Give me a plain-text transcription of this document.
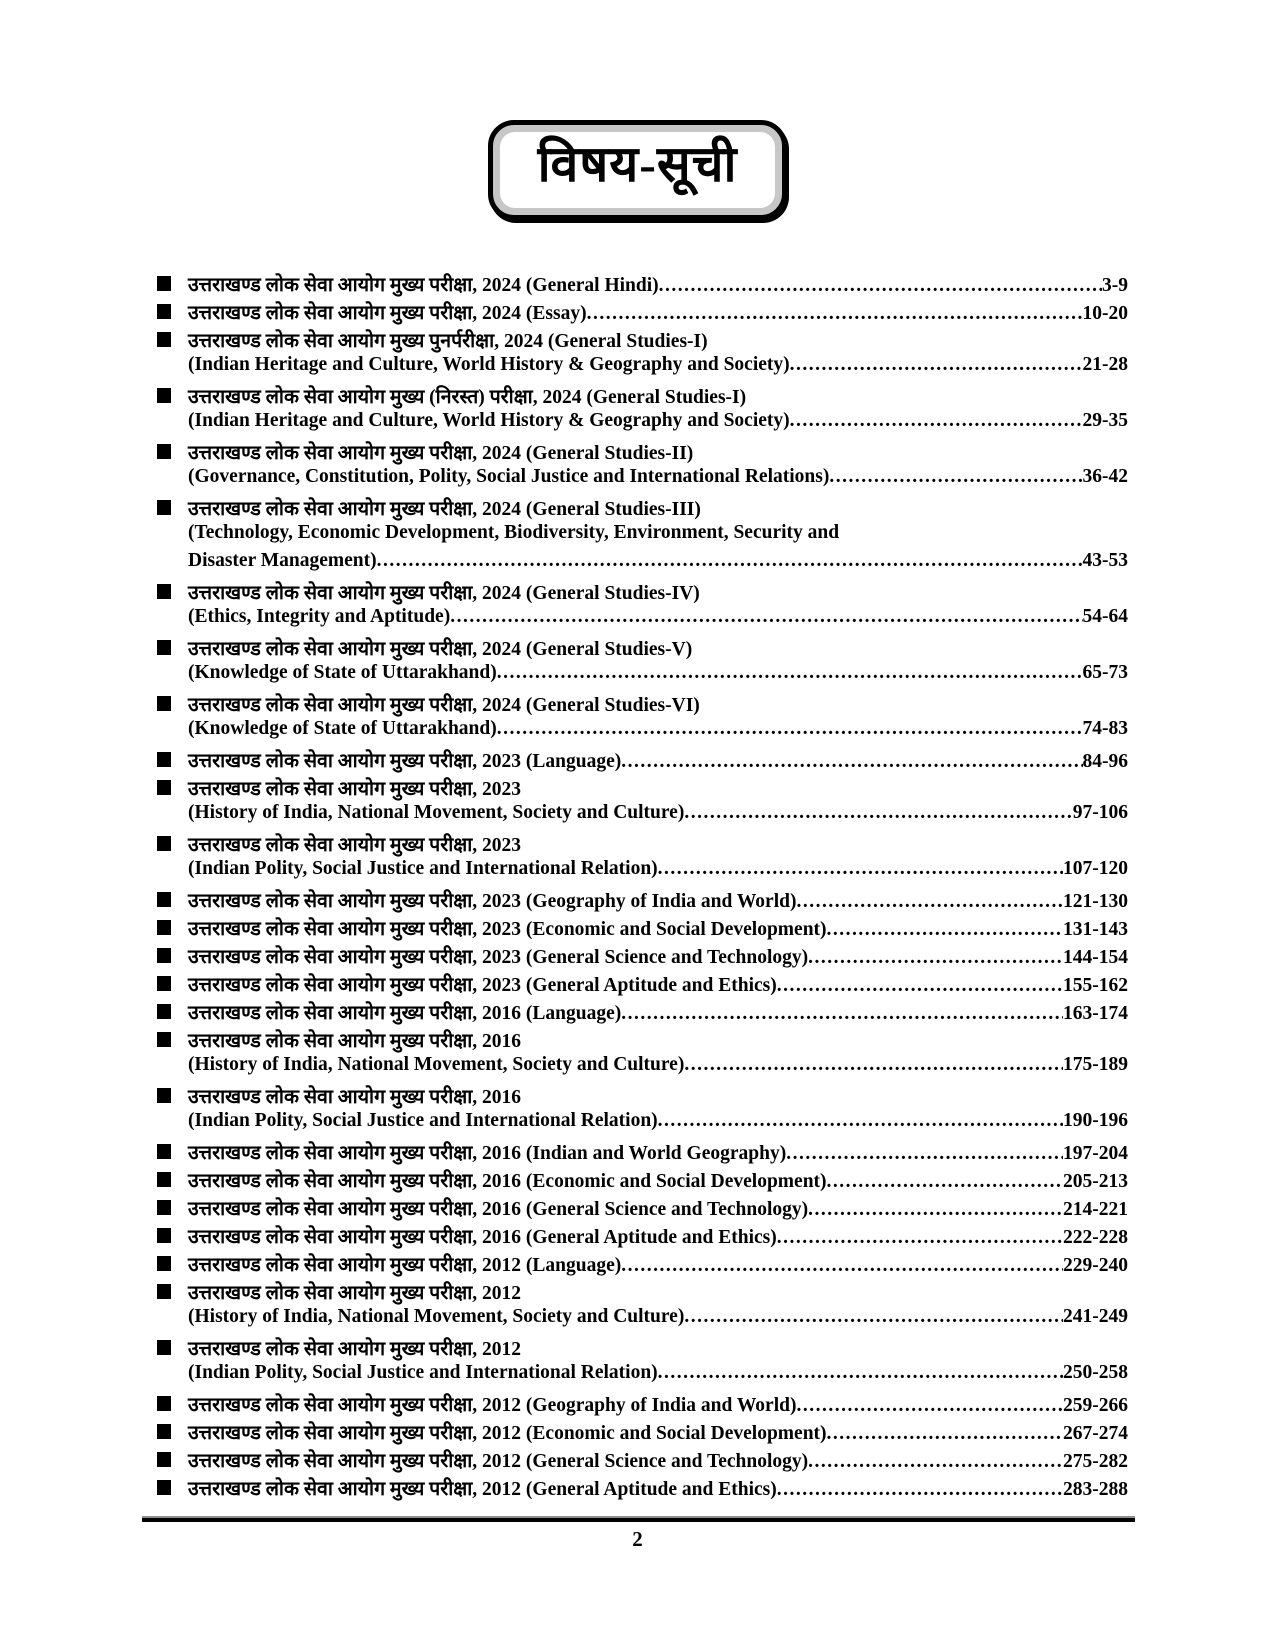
विषय-सूची
उत्तराखण्ड लोक सेवा आयोग मुख्य परीक्षा, 2024 (General Hindi) .....	3-9
उत्तराखण्ड लोक सेवा आयोग मुख्य परीक्षा, 2024 (Essay) .....	10-20
उत्तराखण्ड लोक सेवा आयोग मुख्य पुनर्परीक्षा, 2024 (General Studies-I)
(Indian Heritage and Culture, World History & Geography and Society) .....	21-28
उत्तराखण्ड लोक सेवा आयोग मुख्य (निरस्त) परीक्षा, 2024 (General Studies-I)
(Indian Heritage and Culture, World History & Geography and Society) .....	29-35
उत्तराखण्ड लोक सेवा आयोग मुख्य परीक्षा, 2024 (General Studies-II)
(Governance, Constitution, Polity, Social Justice and International Relations) .....	36-42
उत्तराखण्ड लोक सेवा आयोग मुख्य परीक्षा, 2024 (General Studies-III)
(Technology, Economic Development, Biodiversity, Environment, Security and
Disaster Management) .....	43-53
उत्तराखण्ड लोक सेवा आयोग मुख्य परीक्षा, 2024 (General Studies-IV)
(Ethics, Integrity and Aptitude) .....	54-64
उत्तराखण्ड लोक सेवा आयोग मुख्य परीक्षा, 2024 (General Studies-V)
(Knowledge of State of Uttarakhand) .....	65-73
उत्तराखण्ड लोक सेवा आयोग मुख्य परीक्षा, 2024 (General Studies-VI)
(Knowledge of State of Uttarakhand) .....	74-83
उत्तराखण्ड लोक सेवा आयोग मुख्य परीक्षा, 2023 (Language) .....	84-96
उत्तराखण्ड लोक सेवा आयोग मुख्य परीक्षा, 2023
(History of India, National Movement, Society and Culture) .....	97-106
उत्तराखण्ड लोक सेवा आयोग मुख्य परीक्षा, 2023
(Indian Polity, Social Justice and International Relation) .....	107-120
उत्तराखण्ड लोक सेवा आयोग मुख्य परीक्षा, 2023 (Geography of India and World) .....	121-130
उत्तराखण्ड लोक सेवा आयोग मुख्य परीक्षा, 2023 (Economic and Social Development) .....	131-143
उत्तराखण्ड लोक सेवा आयोग मुख्य परीक्षा, 2023 (General Science and Technology) .....	144-154
उत्तराखण्ड लोक सेवा आयोग मुख्य परीक्षा, 2023 (General Aptitude and Ethics) .....	155-162
उत्तराखण्ड लोक सेवा आयोग मुख्य परीक्षा, 2016 (Language) .....	163-174
उत्तराखण्ड लोक सेवा आयोग मुख्य परीक्षा, 2016
(History of India, National Movement, Society and Culture) .....	175-189
उत्तराखण्ड लोक सेवा आयोग मुख्य परीक्षा, 2016
(Indian Polity, Social Justice and International Relation) .....	190-196
उत्तराखण्ड लोक सेवा आयोग मुख्य परीक्षा, 2016 (Indian and World Geography) .....	197-204
उत्तराखण्ड लोक सेवा आयोग मुख्य परीक्षा, 2016 (Economic and Social Development) .....	205-213
उत्तराखण्ड लोक सेवा आयोग मुख्य परीक्षा, 2016 (General Science and Technology) .....	214-221
उत्तराखण्ड लोक सेवा आयोग मुख्य परीक्षा, 2016 (General Aptitude and Ethics) .....	222-228
उत्तराखण्ड लोक सेवा आयोग मुख्य परीक्षा, 2012 (Language) .....	229-240
उत्तराखण्ड लोक सेवा आयोग मुख्य परीक्षा, 2012
(History of India, National Movement, Society and Culture) .....	241-249
उत्तराखण्ड लोक सेवा आयोग मुख्य परीक्षा, 2012
(Indian Polity, Social Justice and International Relation) .....	250-258
उत्तराखण्ड लोक सेवा आयोग मुख्य परीक्षा, 2012 (Geography of India and World) .....	259-266
उत्तराखण्ड लोक सेवा आयोग मुख्य परीक्षा, 2012 (Economic and Social Development) .....	267-274
उत्तराखण्ड लोक सेवा आयोग मुख्य परीक्षा, 2012 (General Science and Technology) .....	275-282
उत्तराखण्ड लोक सेवा आयोग मुख्य परीक्षा, 2012 (General Aptitude and Ethics) .....	283-288
2
